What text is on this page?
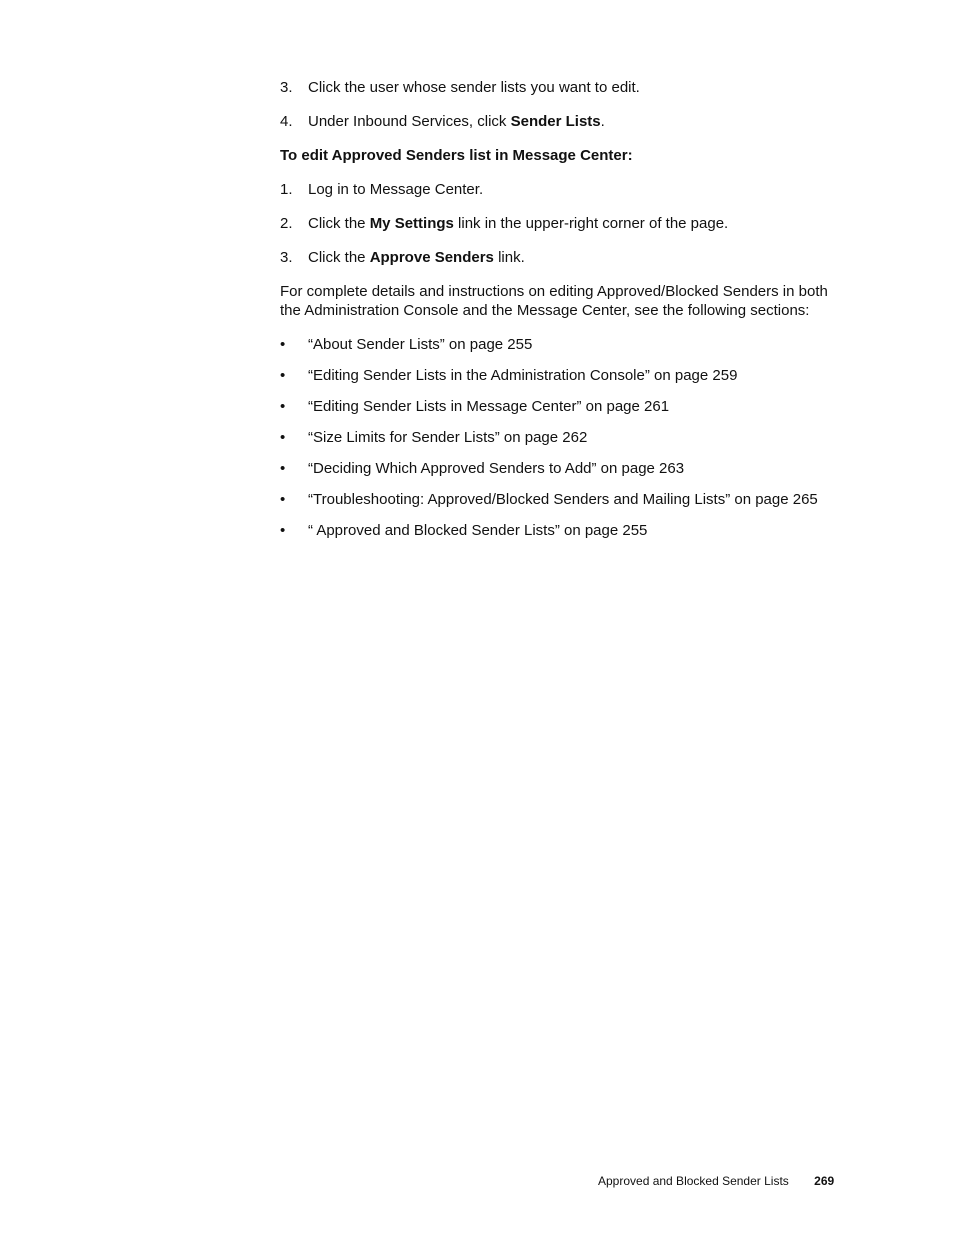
3. Click the user whose sender lists you want to edit.
4. Under Inbound Services, click Sender Lists.
To edit Approved Senders list in Message Center:
1. Log in to Message Center.
2. Click the My Settings link in the upper-right corner of the page.
3. Click the Approve Senders link.
For complete details and instructions on editing Approved/Blocked Senders in both the Administration Console and the Message Center, see the following sections:
• “About Sender Lists” on page 255
• “Editing Sender Lists in the Administration Console” on page 259
• “Editing Sender Lists in Message Center” on page 261
• “Size Limits for Sender Lists” on page 262
• “Deciding Which Approved Senders to Add” on page 263
• “Troubleshooting: Approved/Blocked Senders and Mailing Lists” on page 265
• “ Approved and Blocked Sender Lists” on page 255
Approved and Blocked Sender Lists 269
